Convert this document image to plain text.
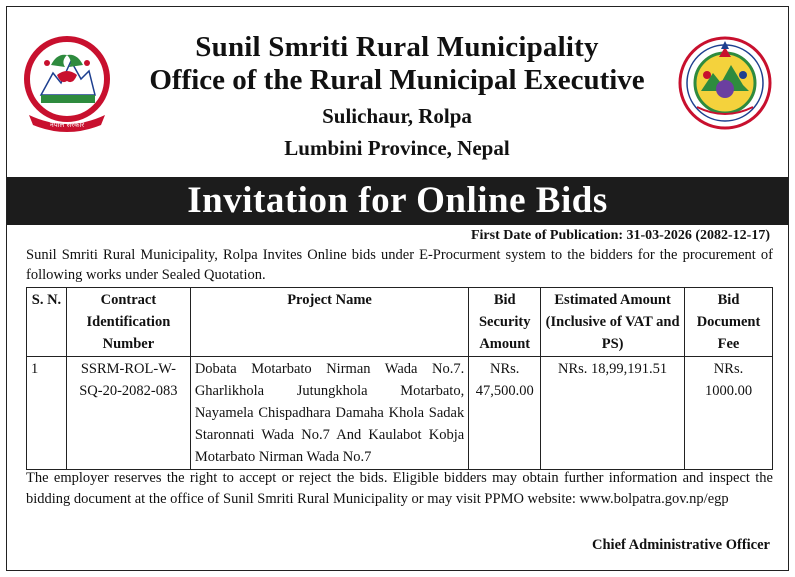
नेपाल सरकार
Sunil Smriti Rural Municipality
Office of the Rural Municipal Executive
Sulichaur, Rolpa
Lumbini Province, Nepal
Invitation for Online Bids
First Date of Publication: 31-03-2026 (2082-12-17)
Sunil Smriti Rural Municipality, Rolpa Invites Online bids under E-Procurment system to the bidders for the procurement of following works under Sealed Quotation.
S. N.	Contract Identification Number	Project Name	Bid Security Amount	Estimated Amount (Inclusive of VAT and PS)	Bid Document Fee
1	SSRM-ROL-W-SQ-20-2082-083	Dobata Motarbato Nirman Wada No.7. Gharlikhola Jutungkhola Motarbato, Nayamela Chispadhara Damaha Khola Sadak Staronnati Wada No.7 And Kaulabot Kobja Motarbato Nirman Wada No.7	NRs. 47,500.00	NRs. 18,99,191.51	NRs. 1000.00
The employer reserves the right to accept or reject the bids. Eligible bidders may obtain further information and inspect the bidding document at the office of Sunil Smriti Rural Municipality or may visit PPMO website: www.bolpatra.gov.np/egp
Chief Administrative Officer
